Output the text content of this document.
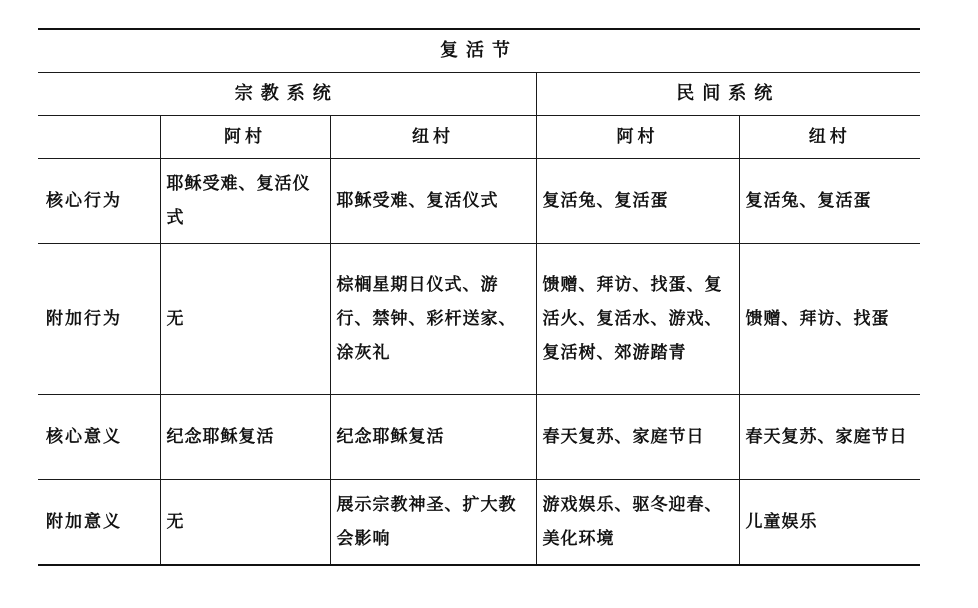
复活节				
宗教系统			民间系统	
	阿村	纽村	阿村	纽村
核心行为	耶稣受难、复活仪式	耶稣受难、复活仪式	复活兔、复活蛋	复活兔、复活蛋
附加行为	无	棕榈星期日仪式、游行、禁钟、彩杆送家、涂灰礼	馈赠、拜访、找蛋、复活火、复活水、游戏、复活树、郊游踏青	馈赠、拜访、找蛋
核心意义	纪念耶稣复活	纪念耶稣复活	春天复苏、家庭节日	春天复苏、家庭节日
附加意义	无	展示宗教神圣、扩大教会影响	游戏娱乐、驱冬迎春、美化环境	儿童娱乐
